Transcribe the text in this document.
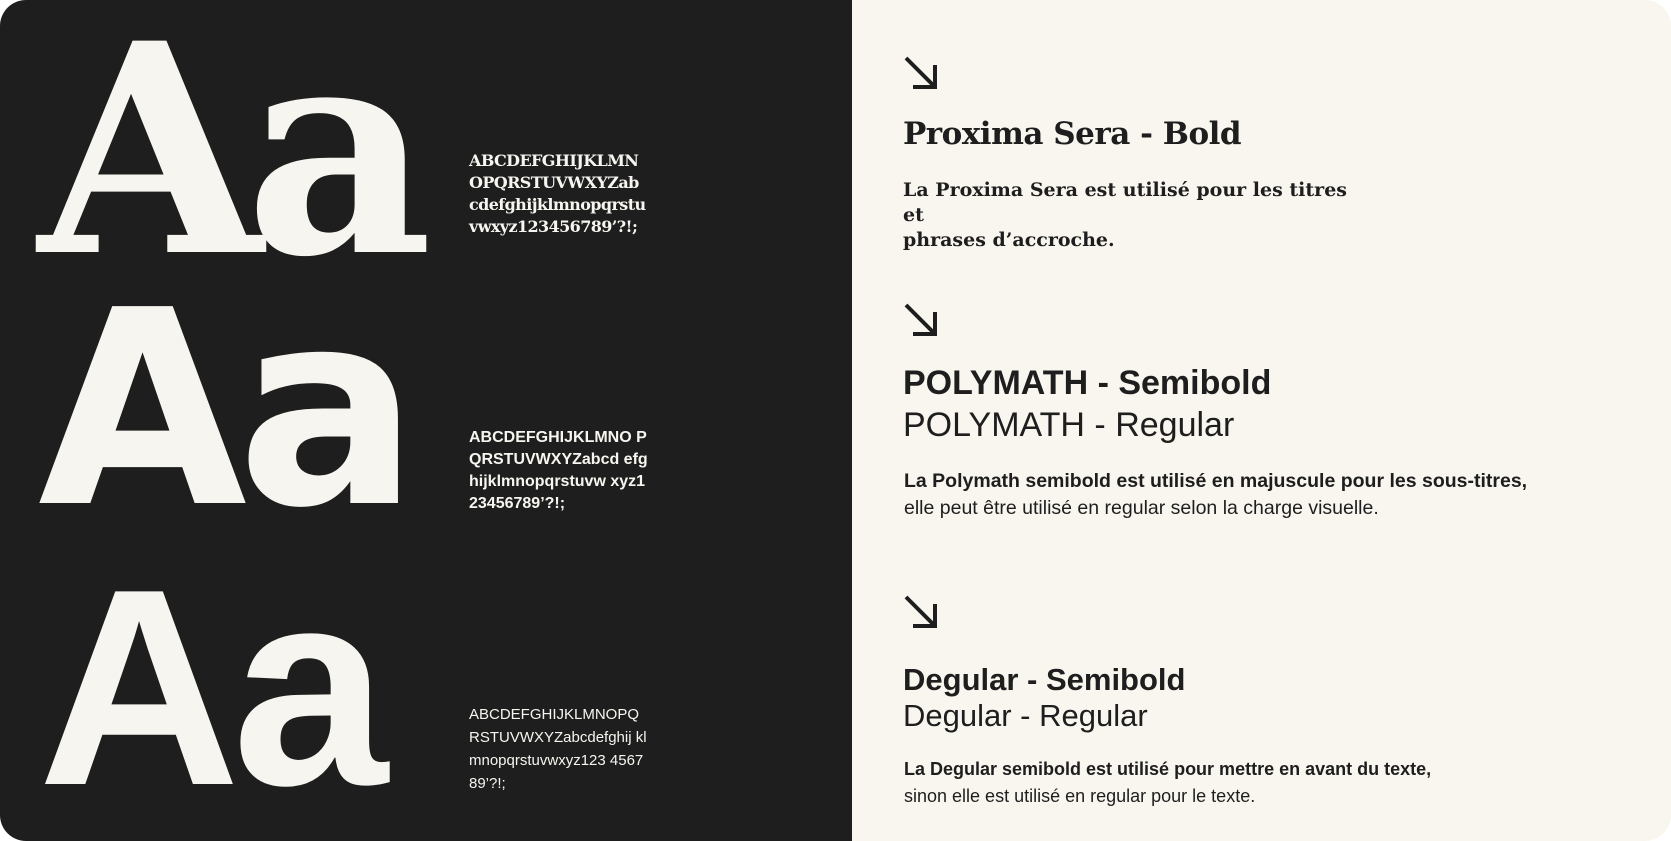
Aa	ABCDEFGHIJKLMN OPQRSTUVWXYZab cdefghijklmnopqrstu vwxyz123456789’?!;
Aa	ABCDEFGHIJKLMNO PQRSTUVWXYZabcd efghijklmnopqrstuvw xyz123456789’?!;
Aa	ABCDEFGHIJKLMNOPQ RSTUVWXYZabcdefghij klmnopqrstuvwxyz123 456789’?!;
Proxima Sera - Bold
La Proxima Sera est utilisé pour les titres et
phrases d’accroche.
POLYMATH - Semibold
POLYMATH - Regular
La Polymath semibold est utilisé en majuscule pour les sous-titres,
elle peut être utilisé en regular selon la charge visuelle.
Degular - Semibold
Degular - Regular
La Degular semibold est utilisé pour mettre en avant du texte,
sinon elle est utilisé en regular pour le texte.
